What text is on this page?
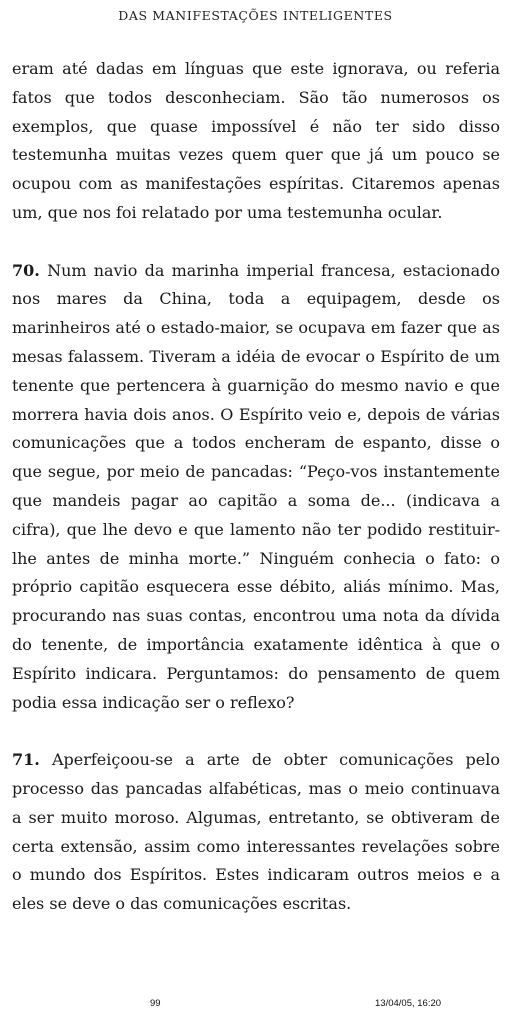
DAS MANIFESTAÇÕES INTELIGENTES

eram até dadas em línguas que este ignorava, ou referia fatos que todos desconheciam. São tão numerosos os exemplos, que quase impossível é não ter sido disso testemunha muitas vezes quem quer que já um pouco se ocupou com as manifestações espíritas. Citaremos apenas um, que nos foi relatado por uma testemunha ocular.

70. Num navio da marinha imperial francesa, estacionado nos mares da China, toda a equipagem, desde os marinheiros até o estado-maior, se ocupava em fazer que as mesas falassem. Tiveram a idéia de evocar o Espírito de um tenente que pertencera à guarnição do mesmo navio e que morrera havia dois anos. O Espírito veio e, depois de várias comunicações que a todos encheram de espanto, disse o que segue, por meio de pancadas: “Peço-vos instantemente que mandeis pagar ao capitão a soma de... (indicava a cifra), que lhe devo e que lamento não ter podido restituir-lhe antes de minha morte.” Ninguém conhecia o fato: o próprio capitão esquecera esse débito, aliás mínimo. Mas, procurando nas suas contas, encontrou uma nota da dívida do tenente, de importância exatamente idêntica à que o Espírito indicara. Perguntamos: do pensamento de quem podia essa indicação ser o reflexo?

71. Aperfeiçoou-se a arte de obter comunicações pelo processo das pancadas alfabéticas, mas o meio continuava a ser muito moroso. Algumas, entretanto, se obtiveram de certa extensão, assim como interessantes revelações sobre o mundo dos Espíritos. Estes indicaram outros meios e a eles se deve o das comunicações escritas.

99	13/04/05, 16:20
